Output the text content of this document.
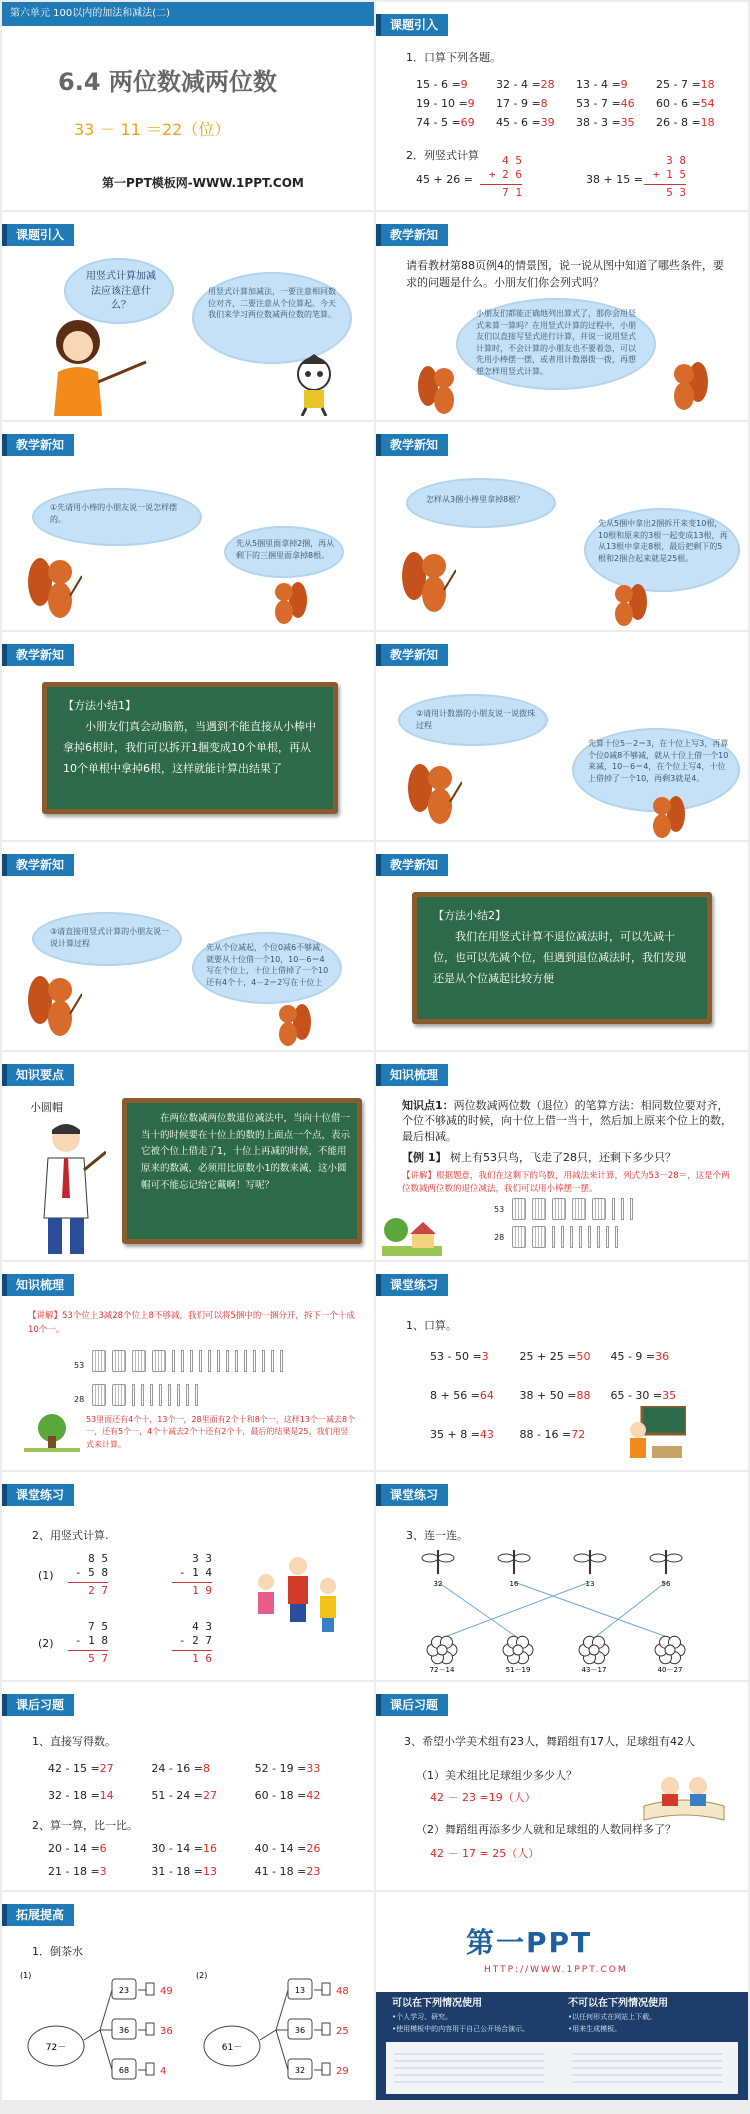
第六单元 100以内的加法和减法(二)
6.4 两位数减两位数
33 － 11 ＝22（位）
第一PPT模板网-WWW.1PPT.COM
课题引入
1．口算下列各题。
15 - 6 =9	32 - 4 =28	13 - 4 =9	25 - 7 =18
19 - 10 =9	17 - 9 =8	53 - 7 =46	60 - 6 =54
74 - 5 =69	45 - 6 =39	38 - 3 =35	26 - 8 =18
2．列竖式计算
45 + 26 =
4 5
+ 2 6
7 1
38 + 15 =
3 8
+ 1 5
5 3
课题引入
用竖式计算加减法应该注意什么？
用竖式计算加减法，一要注意相同数位对齐，二要注意从个位算起。今天我们来学习两位数减两位数的笔算。
教学新知
请看教材第88页例4的情景图，说一说从图中知道了哪些条件，要求的问题是什么。小朋友们你会列式吗？
小朋友们都能正确地列出算式了，那你会用竖式来算一算吗？在用竖式计算的过程中，小朋友们以直接写竖式进行计算，并说一说用竖式计算时，不会计算的小朋友也不要着急，可以先用小棒摆一摆，或者用计数器拨一拨，再想想怎样用竖式计算。
教学新知
①先请用小棒的小朋友说一说怎样摆的。
先从5捆里面拿掉2捆，再从剩下的三捆里面拿掉8根。
教学新知
怎样从3捆小棒里拿掉8根？
先从5捆中拿出2捆拆开来变10根，10根和原来的3根一起变成13根，再从13根中拿走8根，最后把剩下的5根和2捆合起来就是25根。
教学新知
【方法小结1】
小朋友们真会动脑筋，当遇到不能直接从小棒中拿掉6根时，我们可以拆开1捆变成10个单根，再从10个单根中拿掉6根，这样就能计算出结果了
教学新知
②请用计数器的小朋友说一说拨珠过程
先算十位5－2＝3，在十位上写3，再算个位0减8不够减，就从十位上借一个10来减，10－6＝4，在个位上写4，十位上借掉了一个10，再剩3就是4。
教学新知
③请直接用竖式计算的小朋友说一说计算过程	先从个位减起，个位0减6不够减，就要从十位借一个10，10－6＝4写在个位上，十位上借掉了一个10还有4个十，4－2＝2写在十位上
教学新知
【方法小结2】
我们在用竖式计算不退位减法时，可以先减十位，也可以先减个位，但遇到退位减法时，我们发现还是从个位减起比较方便
知识要点
小圆帽
在两位数减两位数退位减法中，当向十位借一当十的时候要在十位上的数的上面点一个点，表示它被个位上借走了1，十位上再减的时候，不能用原来的数减，必须用比原数小1的数来减，这小圆帽可不能忘记给它戴啊！写呢？
知识梳理
知识点1：两位数减两位数（退位）的笔算方法：相同数位要对齐，个位不够减的时候，向十位上借一当十，然后加上原来个位上的数，最后相减。
【例 1】 树上有53只鸟，飞走了28只，还剩下多少只？
【讲解】根据题意，我们在这剩下的鸟数，用减法来计算，列式为53－28＝，这是个两位数减两位数的退位减法，我们可以用小棒摆一摆。
53
28
知识梳理
【讲解】53个位上3减28个位上8不够减，我们可以将5捆中的一捆分开，拆下一个十成10个一。
53
28
53里面还有4个十，13个一，28里面有2个十和8个一，这样13个一减去8个一，还有5个一，4个十减去2个十还有2个十，最后的结果是25。我们用竖式来计算。
课堂练习
1、口算。
53 - 50 =3	25 + 25 =50 45 - 9 =36
8 + 56 =64	38 + 50 =88 65 - 30 =35
35 + 8 =43	88 - 16 =72
课堂练习
2、用竖式计算.
(1)
(2)
8 5
- 5 8
2 7
3 3
- 1 4
1 9
7 5
- 1 8
5 7
4 3
- 2 7
1 6
课堂练习
3、连一连。
32	16	13	56
72－14	51－19	43－17	40－27
课后习题
1、直接写得数。
42 - 15 =27	24 - 16 =8	52 - 19 =33
32 - 18 =14	51 - 24 =27	60 - 18 =42
2、算一算，比一比。
20 - 14 =6	30 - 14 =16	40 - 14 =26
21 - 18 =3	31 - 18 =13	41 - 18 =23
课后习题
3、希望小学美术组有23人，舞蹈组有17人，足球组有42人
（1）美术组比足球组少多少人？
42 － 23 =19（人）
（2）舞蹈组再添多少人就和足球组的人数同样多了？
42 － 17 = 25（人）
拓展提高
1．倒茶水
(1)
72－
23	49
36	36
68	4
(2)
61－
13	48
36	25
32	29
第一PPT
HTTP://WWW.1PPT.COM
可以在下列情况使用
•个人学习、研究。
•使用模板中的内容用于自己公开场合演示。
不可以在下列情况使用
•以任何形式在网站上下载。
•用来生成模板。
